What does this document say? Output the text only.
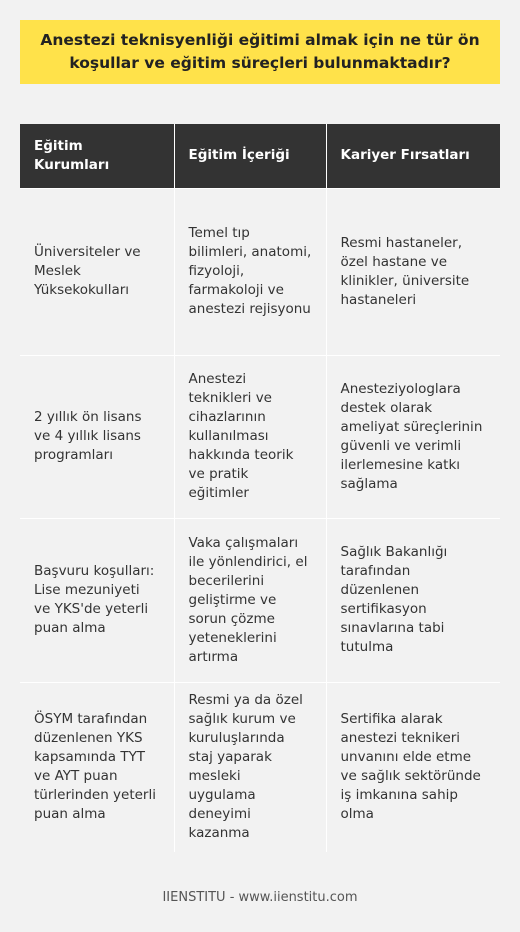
Anestezi teknisyenliği eğitimi almak için ne tür ön koşullar ve eğitim süreçleri bulunmaktadır?
Eğitim Kurumları	Eğitim İçeriği	Kariyer Fırsatları
Üniversiteler ve Meslek Yüksekokulları	Temel tıp bilimleri, anatomi, fizyoloji, farmakoloji ve anestezi rejisyonu	Resmi hastaneler, özel hastane ve klinikler, üniversite hastaneleri
2 yıllık ön lisans ve 4 yıllık lisans programları	Anestezi teknikleri ve cihazlarının kullanılması hakkında teorik ve pratik eğitimler	Anesteziyologlara destek olarak ameliyat süreçlerinin güvenli ve verimli ilerlemesine katkı sağlama
Başvuru koşulları: Lise mezuniyeti ve YKS'de yeterli puan alma	Vaka çalışmaları ile yönlendirici, el becerilerini geliştirme ve sorun çözme yeteneklerini artırma	Sağlık Bakanlığı tarafından düzenlenen sertifikasyon sınavlarına tabi tutulma
ÖSYM tarafından düzenlenen YKS kapsamında TYT ve AYT puan türlerinden yeterli puan alma	Resmi ya da özel sağlık kurum ve kuruluşlarında staj yaparak mesleki uygulama deneyimi kazanma	Sertifika alarak anestezi teknikeri unvanını elde etme ve sağlık sektöründe iş imkanına sahip olma
IIENSTITU - www.iienstitu.com
